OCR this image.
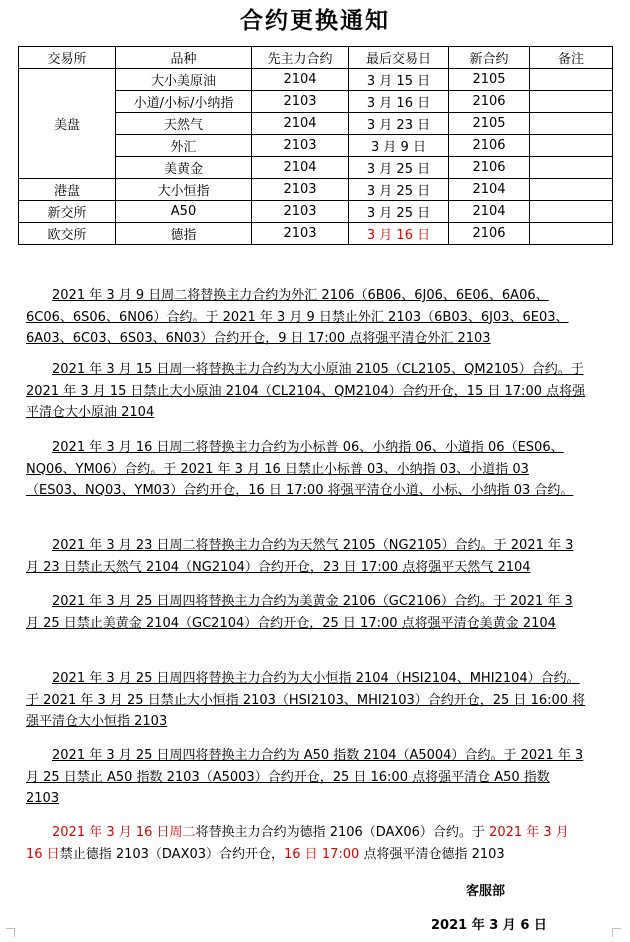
合约更换通知
交易所	品种	先主力合约	最后交易日	新合约	备注
美盘	大小美原油	2104	3 月 15 日	2105	
	小道/小标/小纳指	2103	3 月 16 日	2106	
	天然气	2104	3 月 23 日	2105	
	外汇	2103	3 月 9 日	2106	
	美黄金	2104	3 月 25 日	2106	
港盘	大小恒指	2103	3 月 25 日	2104	
新交所	A50	2103	3 月 25 日	2104	
欧交所	德指	2103	3 月 16 日	2106	
2021 年 3 月 9 日周二将替换主力合约为外汇 2106（6B06、6J06、6E06、6A06、6C06、6S06、6N06）合约。于 2021 年 3 月 9 日禁止外汇 2103（6B03、6J03、6E03、6A03、6C03、6S03、6N03）合约开仓，9 日 17:00 点将强平清仓外汇 2103
2021 年 3 月 15 日周一将替换主力合约为大小原油 2105（CL2105、QM2105）合约。于 2021 年 3 月 15 日禁止大小原油 2104（CL2104、QM2104）合约开仓，15 日 17:00 点将强平清仓大小原油 2104
2021 年 3 月 16 日周二将替换主力合约为小标普 06、小纳指 06、小道指 06（ES06、NQ06、YM06）合约。于 2021 年 3 月 16 日禁止小标普 03、小纳指 03、小道指 03（ES03、NQ03、YM03）合约开仓，16 日 17:00 将强平清仓小道、小标、小纳指 03 合约。
2021 年 3 月 23 日周二将替换主力合约为天然气 2105（NG2105）合约。于 2021 年 3 月 23 日禁止天然气 2104（NG2104）合约开仓，23 日 17:00 点将强平天然气 2104
2021 年 3 月 25 日周四将替换主力合约为美黄金 2106（GC2106）合约。于 2021 年 3 月 25 日禁止美黄金 2104（GC2104）合约开仓，25 日 17:00 点将强平清仓美黄金 2104
2021 年 3 月 25 日周四将替换主力合约为大小恒指 2104（HSI2104、MHI2104）合约。于 2021 年 3 月 25 日禁止大小恒指 2103（HSI2103、MHI2103）合约开仓，25 日 16:00 将强平清仓大小恒指 2103
2021 年 3 月 25 日周四将替换主力合约为 A50 指数 2104（A5004）合约。于 2021 年 3 月 25 日禁止 A50 指数 2103（A5003）合约开仓，25 日 16:00 点将强平清仓 A50 指数 2103
2021 年 3 月 16 日周二将替换主力合约为德指 2106（DAX06）合约。于 2021 年 3 月 16 日禁止德指 2103（DAX03）合约开仓，16 日 17:00 点将强平清仓德指 2103
客服部
2021 年 3 月 6 日
